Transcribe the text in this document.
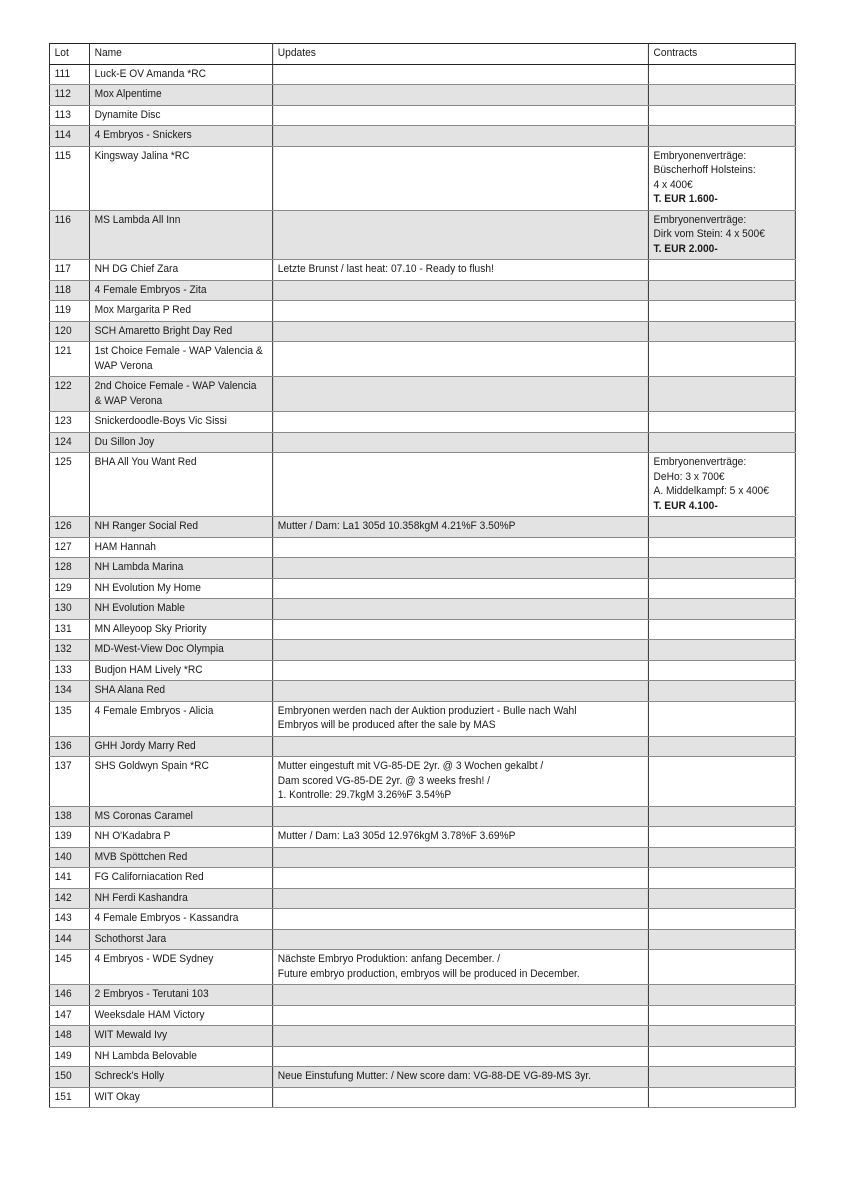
Lot	Name	Updates	Contracts

111	Luck-E OV Amanda *RC		

112	Mox Alpentime		

113	Dynamite Disc		

114	4 Embryos - Snickers		

115	Kingsway Jalina *RC		Embryonenverträge:
Büscherhoff Holsteins:
4 x 400€
T. EUR 1.600-

116	MS Lambda All Inn		Embryonenverträge:
Dirk vom Stein: 4 x 500€
T. EUR 2.000-

117	NH DG Chief Zara	Letzte Brunst / last heat: 07.10 - Ready to flush!	

118	4 Female Embryos - Zita		

119	Mox Margarita P Red		

120	SCH Amaretto Bright Day Red		

121	1st Choice Female - WAP Valencia &
WAP Verona		

122	2nd Choice Female - WAP Valencia
& WAP Verona		

123	Snickerdoodle-Boys Vic Sissi		

124	Du Sillon Joy		

125	BHA All You Want Red		Embryonenverträge:
DeHo: 3 x 700€
A. Middelkampf: 5 x 400€
T. EUR 4.100-

126	NH Ranger Social Red	Mutter / Dam: La1 305d 10.358kgM 4.21%F 3.50%P	

127	HAM Hannah		

128	NH Lambda Marina		

129	NH Evolution My Home		

130	NH Evolution Mable		

131	MN Alleyoop Sky Priority		

132	MD-West-View Doc Olympia		

133	Budjon HAM Lively *RC		

134	SHA Alana Red		

135	4 Female Embryos - Alicia	Embryonen werden nach der Auktion produziert - Bulle nach Wahl
Embryos will be produced after the sale by MAS	

136	GHH Jordy Marry Red		

137	SHS Goldwyn Spain *RC	Mutter eingestuft mit VG-85-DE 2yr. @ 3 Wochen gekalbt /
Dam scored VG-85-DE 2yr. @ 3 weeks fresh! /
1. Kontrolle: 29.7kgM 3.26%F 3.54%P	

138	MS Coronas Caramel		

139	NH O'Kadabra P	Mutter / Dam: La3 305d 12.976kgM 3.78%F 3.69%P	

140	MVB Spöttchen Red		

141	FG Californiacation Red		

142	NH Ferdi Kashandra		

143	4 Female Embryos - Kassandra		

144	Schothorst Jara		

145	4 Embryos - WDE Sydney	Nächste Embryo Produktion: anfang December. /
Future embryo production, embryos will be produced in December.	

146	2 Embryos - Terutani 103		

147	Weeksdale HAM Victory		

148	WIT Mewald Ivy		

149	NH Lambda Belovable		

150	Schreck's Holly	Neue Einstufung Mutter: / New score dam: VG-88-DE VG-89-MS 3yr.	

151	WIT Okay		
